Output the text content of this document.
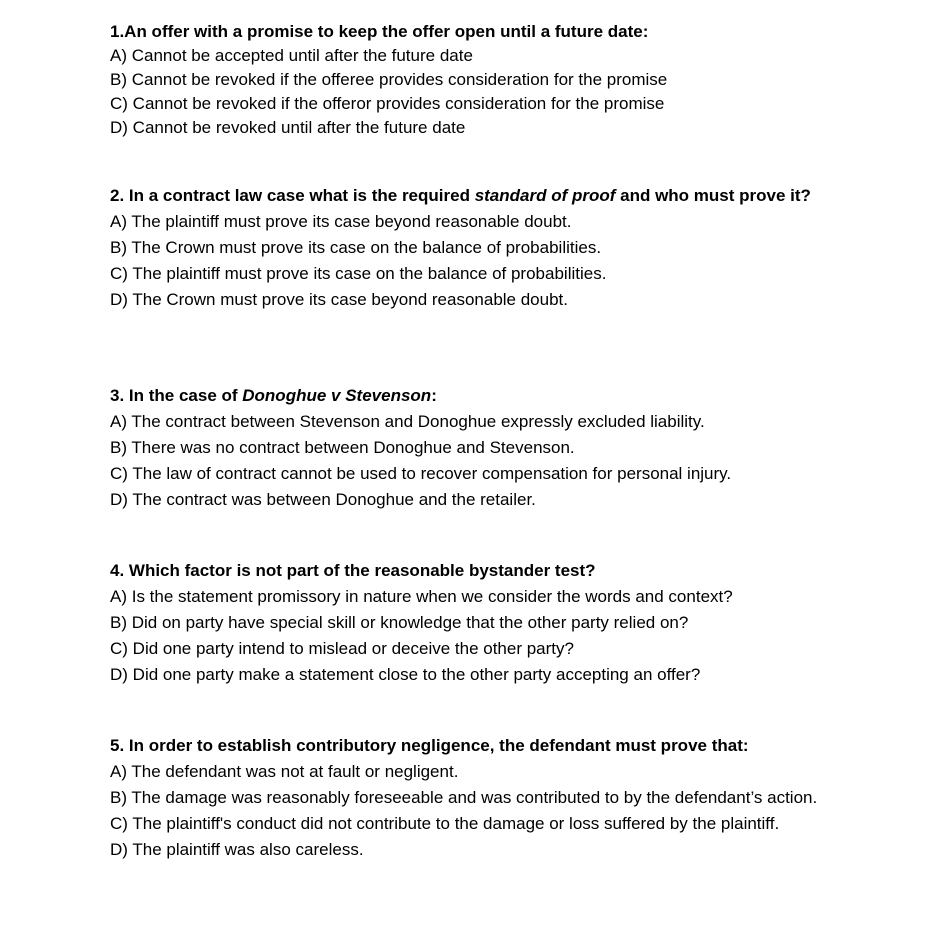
1.An offer with a promise to keep the offer open until a future date:

A) Cannot be accepted until after the future date

B) Cannot be revoked if the offeree provides consideration for the promise

C) Cannot be revoked if the offeror provides consideration for the promise

D) Cannot be revoked until after the future date

2. In a contract law case what is the required standard of proof and who must prove it?

A) The plaintiff must prove its case beyond reasonable doubt.

B) The Crown must prove its case on the balance of probabilities.

C) The plaintiff must prove its case on the balance of probabilities.

D) The Crown must prove its case beyond reasonable doubt.

3. In the case of Donoghue v Stevenson:

A) The contract between Stevenson and Donoghue expressly excluded liability.

B) There was no contract between Donoghue and Stevenson.

C) The law of contract cannot be used to recover compensation for personal injury.

D) The contract was between Donoghue and the retailer.

4. Which factor is not part of the reasonable bystander test?

A) Is the statement promissory in nature when we consider the words and context?

B) Did on party have special skill or knowledge that the other party relied on?

C) Did one party intend to mislead or deceive the other party?

D) Did one party make a statement close to the other party accepting an offer?

5. In order to establish contributory negligence, the defendant must prove that:

A) The defendant was not at fault or negligent.

B) The damage was reasonably foreseeable and was contributed to by the defendant’s action.

C) The plaintiff's conduct did not contribute to the damage or loss suffered by the plaintiff.

D) The plaintiff was also careless.
